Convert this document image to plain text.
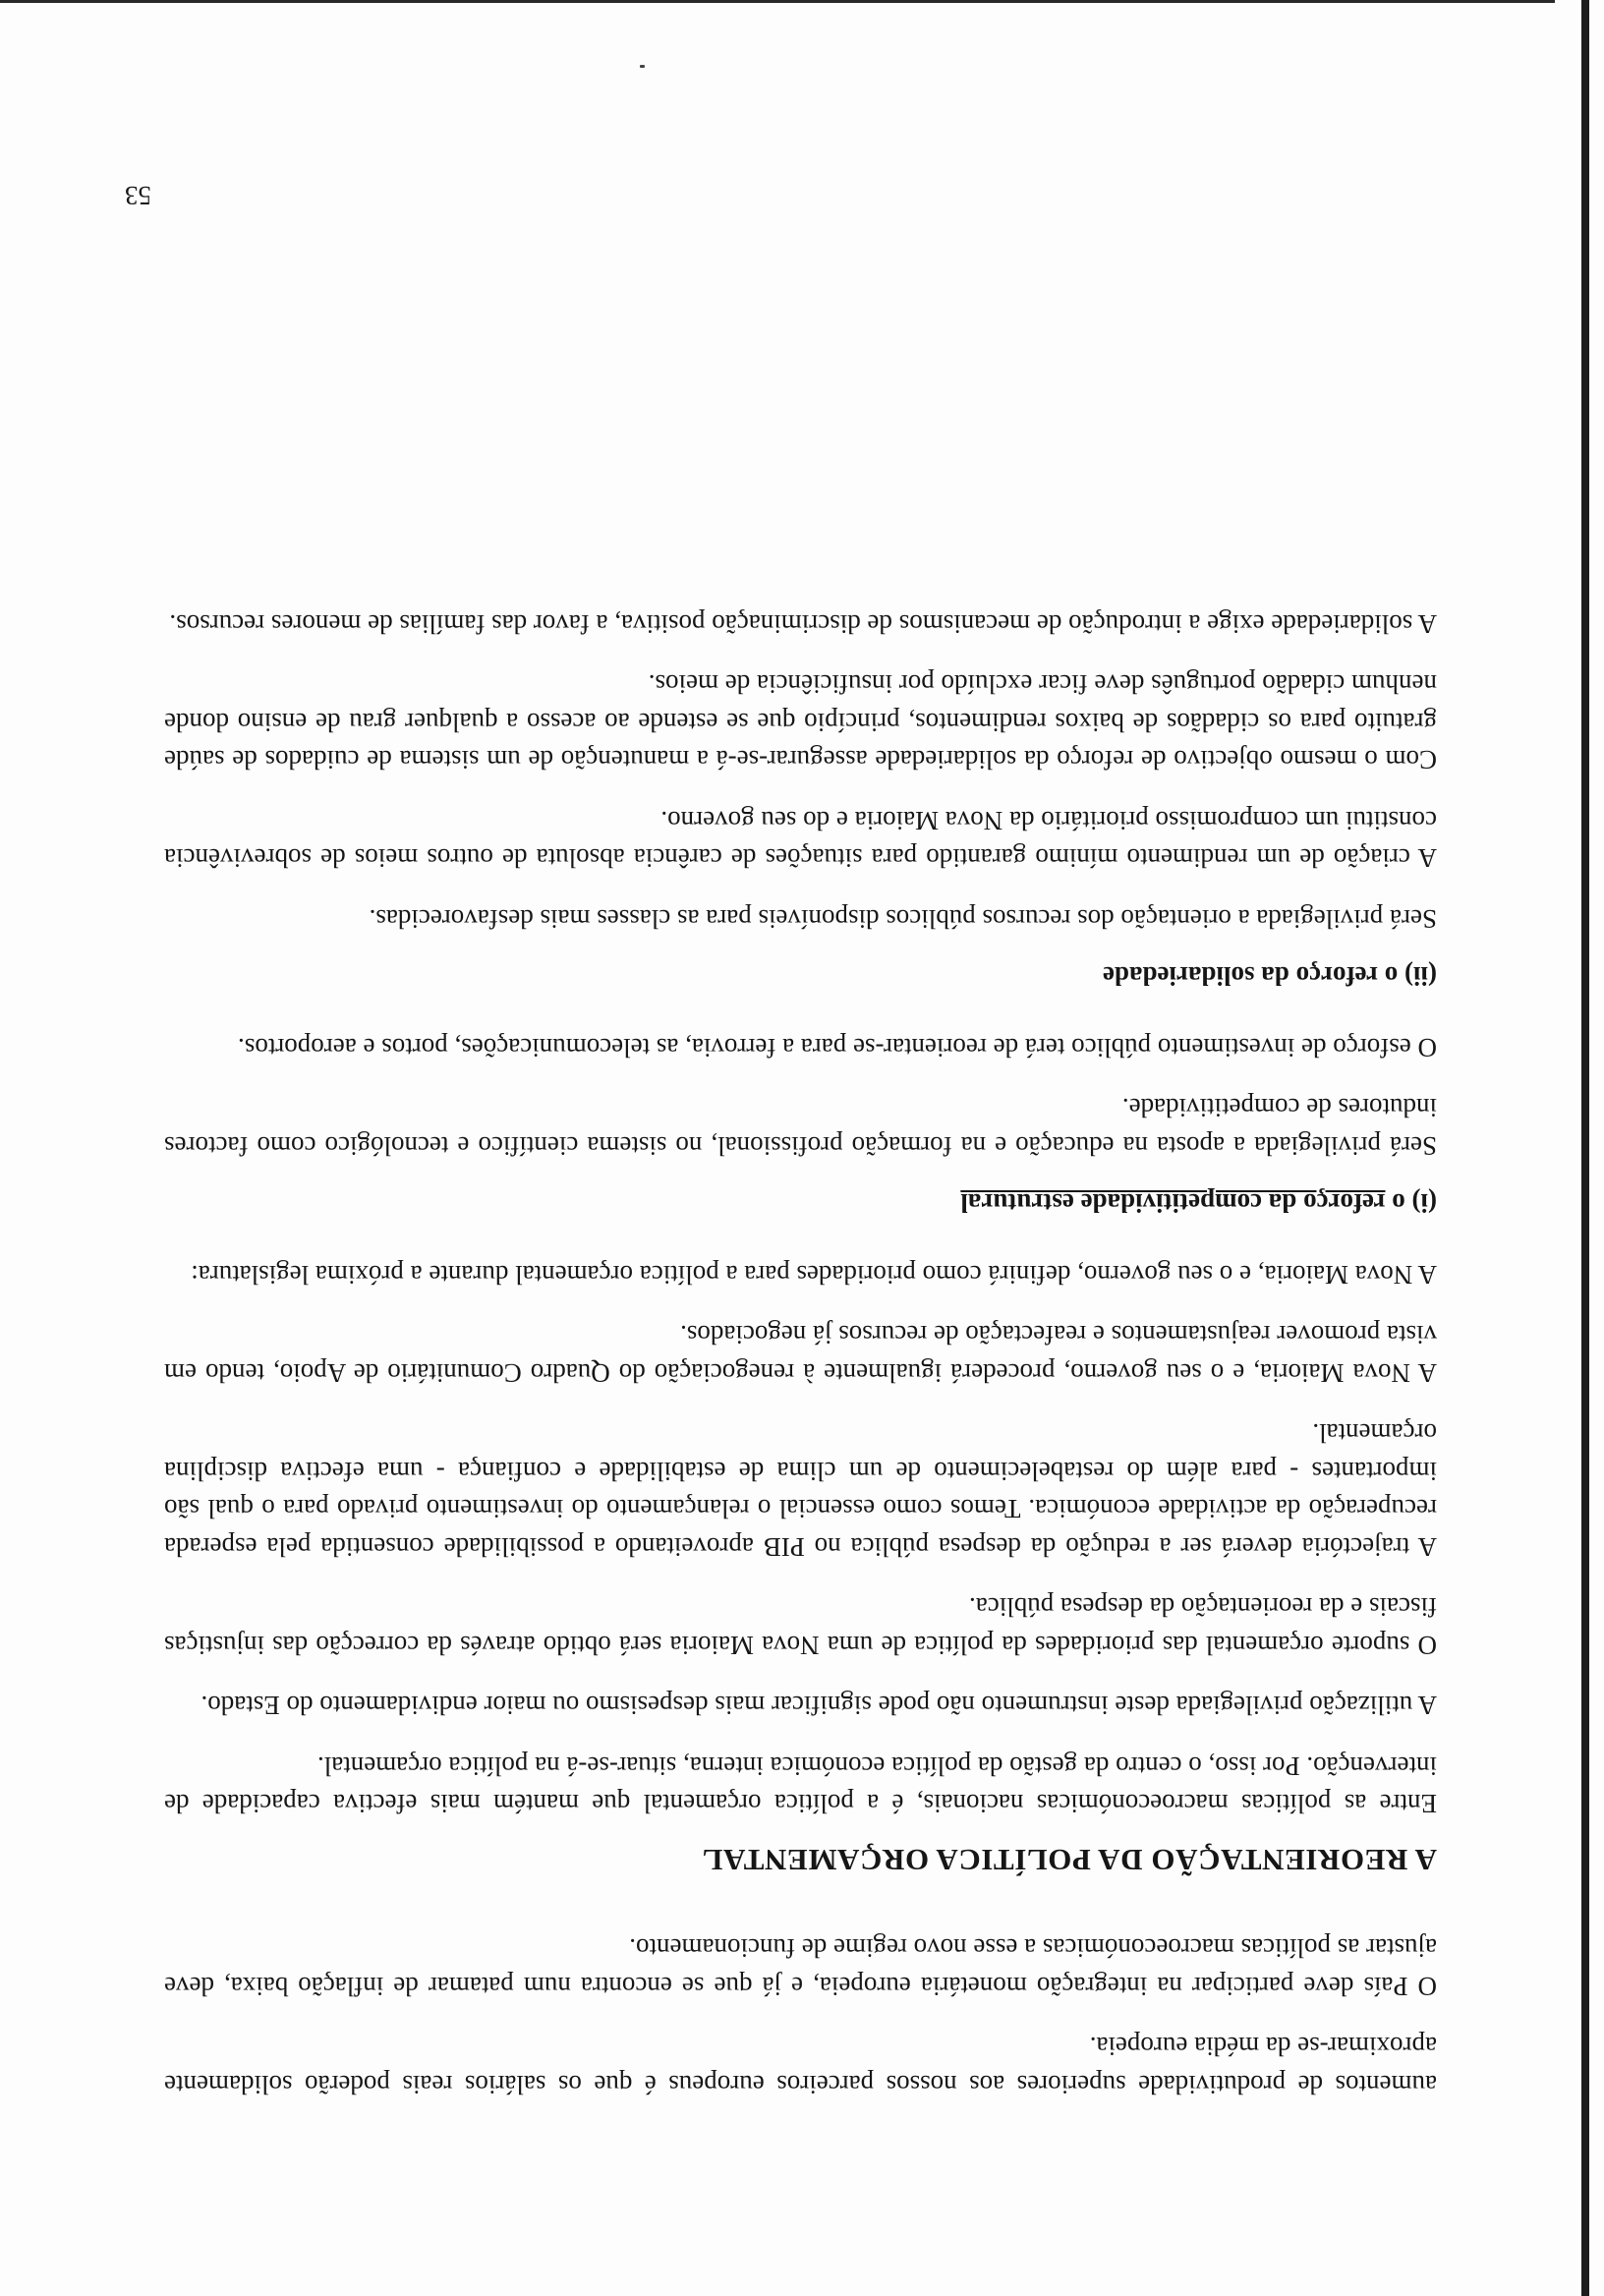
aumentos de produtividade superiores aos nossos parceiros europeus é que os salários reais poderão solidamente aproximar-se da média europeia.

O País deve participar na integração monetária europeia, e já que se encontra num patamar de inflação baixa, deve ajustar as políticas macroeconómicas a esse novo regime de funcionamento.

A REORIENTAÇÃO DA POLÍTICA ORÇAMENTAL

Entre as políticas macroeconómicas nacionais, é a política orçamental que mantém mais efectiva capacidade de intervenção. Por isso, o centro da gestão da política económica interna, situar-se-á na política orçamental.

A utilização privilegiada deste instrumento não pode significar mais despesismo ou maior endividamento do Estado.

O suporte orçamental das prioridades da política de uma Nova Maioria será obtido através da correcção das injustiças fiscais e da reorientação da despesa pública.

A trajectória deverá ser a redução da despesa pública no PIB aproveitando a possibilidade consentida pela esperada recuperação da actividade económica. Temos como essencial o relançamento do investimento privado para o qual são importantes - para além do restabelecimento de um clima de estabilidade e confiança - uma efectiva disciplina orçamental.

A Nova Maioria, e o seu governo, procederá igualmente à renegociação do Quadro Comunitário de Apoio, tendo em vista promover reajustamentos e reafectação de recursos já negociados.

A Nova Maioria, e o seu governo, definirá como prioridades para a política orçamental durante a próxima legislatura:

(i) o reforço da competitividade estrutural

Será privilegiada a aposta na educação e na formação profissional, no sistema científico e tecnológico como factores indutores de competitividade.

O esforço de investimento público terá de reorientar-se para a ferrovia, as telecomunicações, portos e aeroportos.

(ii) o reforço da solidariedade

Será privilegiada a orientação dos recursos públicos disponíveis para as classes mais desfavorecidas.

A criação de um rendimento mínimo garantido para situações de carência absoluta de outros meios de sobrevivência constitui um compromisso prioritário da Nova Maioria e do seu governo.

Com o mesmo objectivo de reforço da solidariedade assegurar-se-á a manutenção de um sistema de cuidados de saúde gratuito para os cidadãos de baixos rendimentos, princípio que se estende ao acesso a qualquer grau de ensino donde nenhum cidadão português deve ficar excluído por insuficiência de meios.

A solidariedade exige a introdução de mecanismos de discriminação positiva, a favor das famílias de menores recursos.

53
